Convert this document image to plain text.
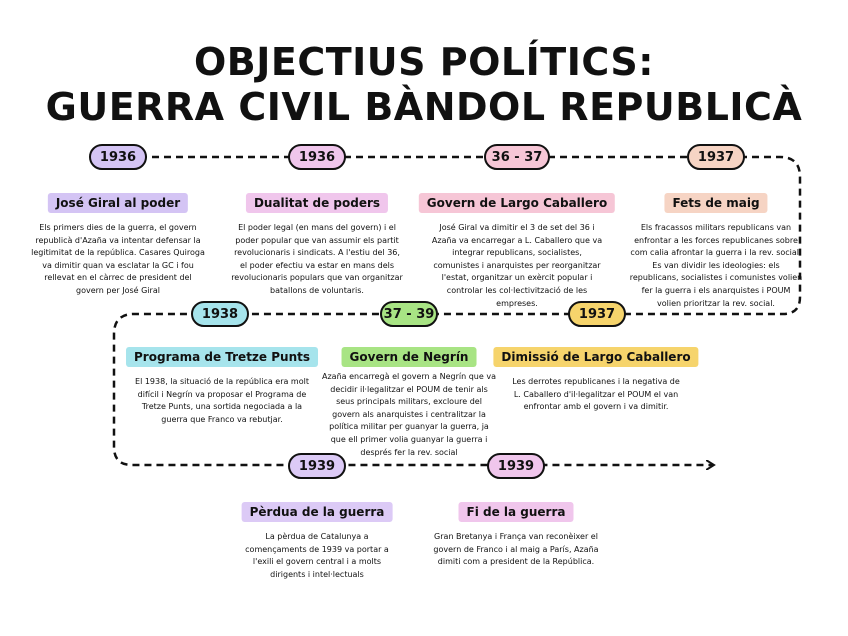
OBJECTIUS POLÍTICS:
GUERRA CIVIL BÀNDOL REPUBLICÀ
1936	1936	36 - 37	1937
José Giral al poder	Dualitat de poders	Govern de Largo Caballero	Fets de maig
Els primers dies de la guerra, el govern republicà d'Azaña va intentar defensar la legitimitat de la república. Casares Quiroga va dimitir quan va esclatar la GC i fou rellevat en el càrrec de president del govern per José Giral
El poder legal (en mans del govern) i el poder popular que van assumir els partit revolucionaris i sindicats. A l'estiu del 36, el poder efectiu va estar en mans dels revolucionaris populars que van organitzar batallons de voluntaris.
José Giral va dimitir el 3 de set del 36 i Azaña va encarregar a L. Caballero que va integrar republicans, socialistes, comunistes i anarquistes per reorganitzar l'estat, organitzar un exèrcit popular i controlar les col·lectivització de les empreses.
Els fracassos militars republicans van enfrontar a les forces republicanes sobre com calia afrontar la guerra i la rev. social. Es van dividir les ideologies: els republicans, socialistes i comunistes volien fer la guerra i els anarquistes i POUM volien prioritzar la rev. social.
1938	37 - 39	1937
Programa de Tretze Punts	Govern de Negrín	Dimissió de Largo Caballero
El 1938, la situació de la república era molt difícil i Negrín va proposar el Programa de Tretze Punts, una sortida negociada a la guerra que Franco va rebutjar.
Azaña encarregà el govern a Negrín que va decidir il·legalitzar el POUM de tenir als seus principals militars, excloure del govern als anarquistes i centralitzar la política militar per guanyar la guerra, ja que ell primer volia guanyar la guerra i després fer la rev. social
Les derrotes republicanes i la negativa de L. Caballero d'il·legalitzar el POUM el van enfrontar amb el govern i va dimitir.
1939	1939
Pèrdua de la guerra	Fi de la guerra
La pèrdua de Catalunya a començaments de 1939 va portar a l'exili el govern central i a molts dirigents i intel·lectuals
Gran Bretanya i França van reconèixer el govern de Franco i al maig a París, Azaña dimiti com a president de la República.
